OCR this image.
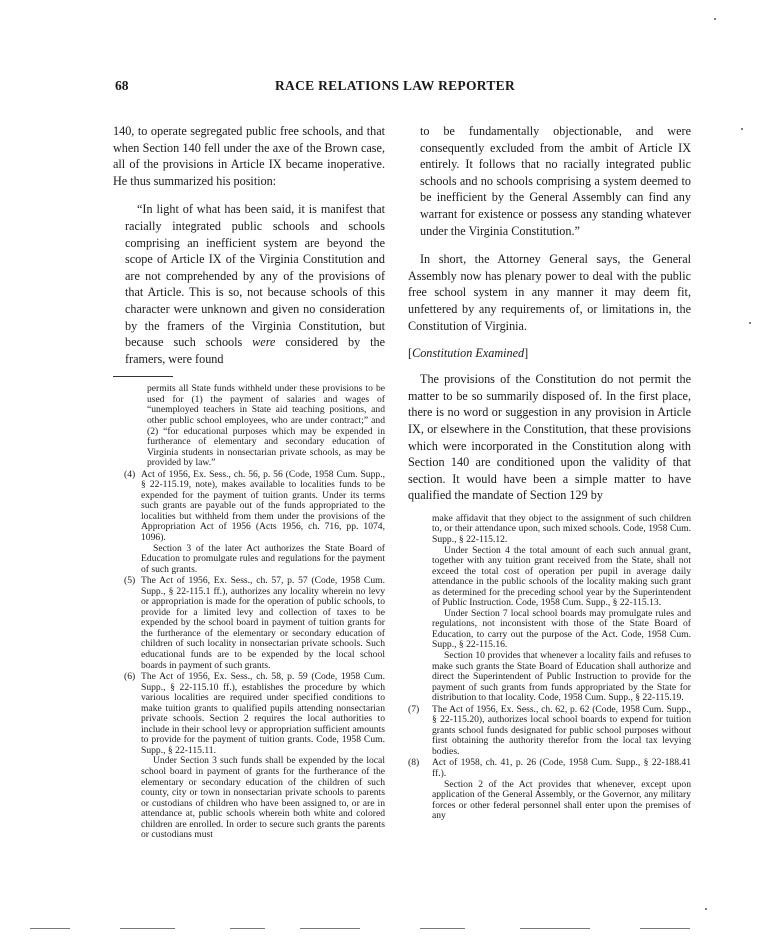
68	RACE RELATIONS LAW REPORTER

140, to operate segregated public free schools, and that when Section 140 fell under the axe of the Brown case, all of the provisions in Article IX became inoperative. He thus summarized his position:

“In light of what has been said, it is manifest that racially integrated public schools and schools comprising an inefficient system are beyond the scope of Article IX of the Virginia Constitution and are not comprehended by any of the provisions of that Article. This is so, not because schools of this character were unknown and given no consideration by the framers of the Virginia Constitution, but because such schools were considered by the framers, were found

permits all State funds withheld under these provisions to be used for (1) the payment of salaries and wages of “unemployed teachers in State aid teaching positions, and other public school employees, who are under contract;” and (2) “for educational purposes which may be expended in furtherance of elementary and secondary education of Virginia students in nonsectarian private schools, as may be provided by law.”

(4) Act of 1956, Ex. Sess., ch. 56, p. 56 (Code, 1958 Cum. Supp., § 22-115.19, note), makes available to localities funds to be expended for the payment of tuition grants. Under its terms such grants are payable out of the funds appropriated to the localities but withheld from them under the provisions of the Appropriation Act of 1956 (Acts 1956, ch. 716, pp. 1074, 1096).

Section 3 of the later Act authorizes the State Board of Education to promulgate rules and regulations for the payment of such grants.

(5) The Act of 1956, Ex. Sess., ch. 57, p. 57 (Code, 1958 Cum. Supp., § 22-115.1 ff.), authorizes any locality wherein no levy or appropriation is made for the operation of public schools, to provide for a limited levy and collection of taxes to be expended by the school board in payment of tuition grants for the furtherance of the elementary or secondary education of children of such locality in nonsectarian private schools. Such educational funds are to be expended by the local school boards in payment of such grants.

(6) The Act of 1956, Ex. Sess., ch. 58, p. 59 (Code, 1958 Cum. Supp., § 22-115.10 ff.), establishes the procedure by which various localities are required under specified conditions to make tuition grants to qualified pupils attending nonsectarian private schools. Section 2 requires the local authorities to include in their school levy or appropriation sufficient amounts to provide for the payment of tuition grants. Code, 1958 Cum. Supp., § 22-115.11.

Under Section 3 such funds shall be expended by the local school board in payment of grants for the furtherance of the elementary or secondary education of the children of such county, city or town in nonsectarian private schools to parents or custodians of children who have been assigned to, or are in attendance at, public schools wherein both white and colored children are enrolled. In order to secure such grants the parents or custodians must

to be fundamentally objectionable, and were consequently excluded from the ambit of Article IX entirely. It follows that no racially integrated public schools and no schools comprising a system deemed to be inefficient by the General Assembly can find any warrant for existence or possess any standing whatever under the Virginia Constitution.”

In short, the Attorney General says, the General Assembly now has plenary power to deal with the public free school system in any manner it may deem fit, unfettered by any requirements of, or limitations in, the Constitution of Virginia.

[Constitution Examined]

The provisions of the Constitution do not permit the matter to be so summarily disposed of. In the first place, there is no word or suggestion in any provision in Article IX, or elsewhere in the Constitution, that these provisions which were incorporated in the Constitution along with Section 140 are conditioned upon the validity of that section. It would have been a simple matter to have qualified the mandate of Section 129 by

make affidavit that they object to the assignment of such children to, or their attendance upon, such mixed schools. Code, 1958 Cum. Supp., § 22-115.12.

Under Section 4 the total amount of each such annual grant, together with any tuition grant received from the State, shall not exceed the total cost of operation per pupil in average daily attendance in the public schools of the locality making such grant as determined for the preceding school year by the Superintendent of Public Instruction. Code, 1958 Cum. Supp., § 22-115.13.

Under Section 7 local school boards may promulgate rules and regulations, not inconsistent with those of the State Board of Education, to carry out the purpose of the Act. Code, 1958 Cum. Supp., § 22-115.16.

Section 10 provides that whenever a locality fails and refuses to make such grants the State Board of Education shall authorize and direct the Superintendent of Public Instruction to provide for the payment of such grants from funds appropriated by the State for distribution to that locality. Code, 1958 Cum. Supp., § 22-115.19.

(7) The Act of 1956, Ex. Sess., ch. 62, p. 62 (Code, 1958 Cum. Supp., § 22-115.20), authorizes local school boards to expend for tuition grants school funds designated for public school purposes without first obtaining the authority therefor from the local tax levying bodies.

(8) Act of 1958, ch. 41, p. 26 (Code, 1958 Cum. Supp., § 22-188.41 ff.).

Section 2 of the Act provides that whenever, except upon application of the General Assembly, or the Governor, any military forces or other federal personnel shall enter upon the premises of any
